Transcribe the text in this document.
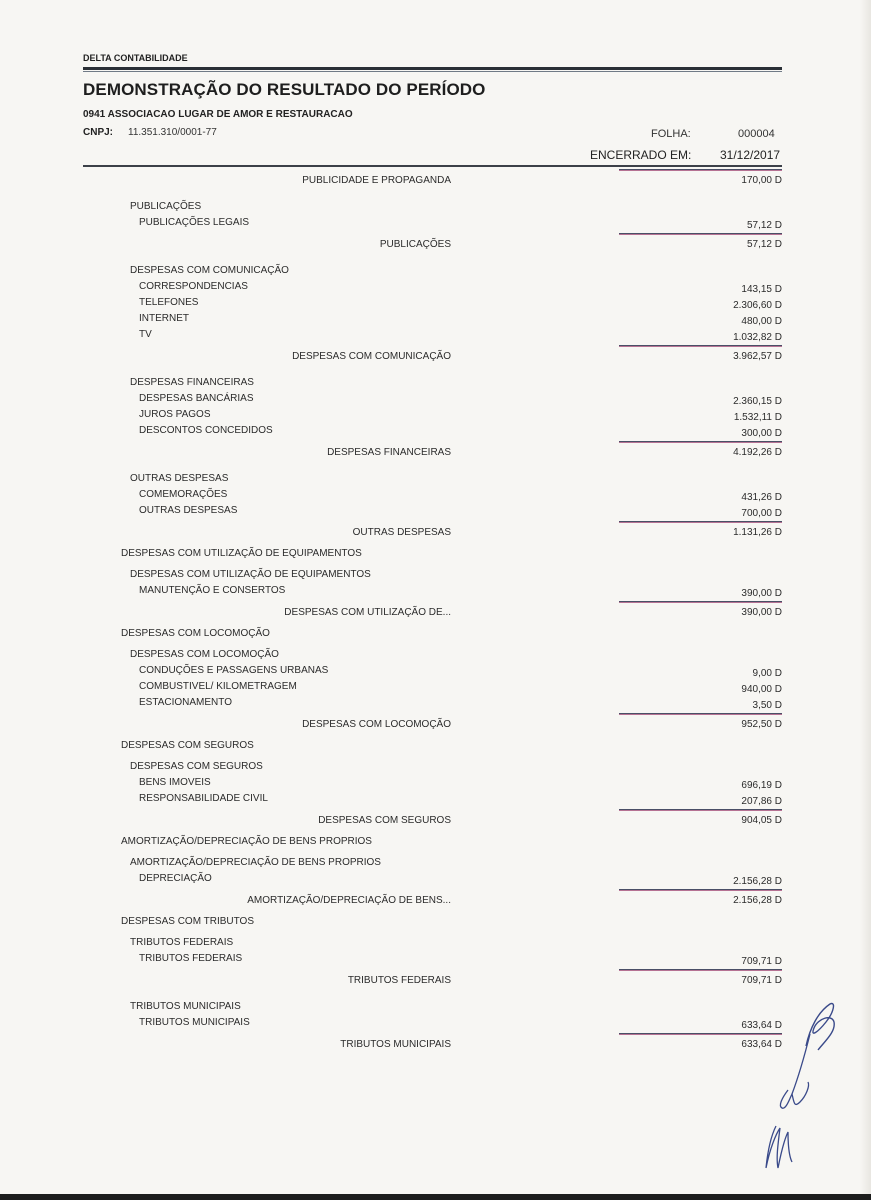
DELTA CONTABILIDADE
DEMONSTRAÇÃO DO RESULTADO DO PERÍODO
0941 ASSOCIACAO LUGAR DE AMOR E RESTAURACAO
CNPJ: 11.351.310/0001-77	FOLHA:	000004
ENCERRADO EM: 31/12/2017
PUBLICIDADE E PROPAGANDA	170,00 D
PUBLICAÇÕES
PUBLICAÇÕES LEGAIS	57,12 D
PUBLICAÇÕES	57,12 D
DESPESAS COM COMUNICAÇÃO
CORRESPONDENCIAS	143,15 D
TELEFONES	2.306,60 D
INTERNET	480,00 D
TV	1.032,82 D
DESPESAS COM COMUNICAÇÃO	3.962,57 D
DESPESAS FINANCEIRAS
DESPESAS BANCÁRIAS	2.360,15 D
JUROS PAGOS	1.532,11 D
DESCONTOS CONCEDIDOS	300,00 D
DESPESAS FINANCEIRAS	4.192,26 D
OUTRAS DESPESAS
COMEMORAÇÕES	431,26 D
OUTRAS DESPESAS	700,00 D
OUTRAS DESPESAS	1.131,26 D
DESPESAS COM UTILIZAÇÃO DE EQUIPAMENTOS
DESPESAS COM UTILIZAÇÃO DE EQUIPAMENTOS
MANUTENÇÃO E CONSERTOS	390,00 D
DESPESAS COM UTILIZAÇÃO DE...	390,00 D
DESPESAS COM LOCOMOÇÃO
DESPESAS COM LOCOMOÇÃO
CONDUÇÕES E PASSAGENS URBANAS	9,00 D
COMBUSTIVEL/ KILOMETRAGEM	940,00 D
ESTACIONAMENTO	3,50 D
DESPESAS COM LOCOMOÇÃO	952,50 D
DESPESAS COM SEGUROS
DESPESAS COM SEGUROS
BENS IMOVEIS	696,19 D
RESPONSABILIDADE CIVIL	207,86 D
DESPESAS COM SEGUROS	904,05 D
AMORTIZAÇÃO/DEPRECIAÇÃO DE BENS PROPRIOS
AMORTIZAÇÃO/DEPRECIAÇÃO DE BENS PROPRIOS
DEPRECIAÇÃO	2.156,28 D
AMORTIZAÇÃO/DEPRECIAÇÃO DE BENS...	2.156,28 D
DESPESAS COM TRIBUTOS
TRIBUTOS FEDERAIS
TRIBUTOS FEDERAIS	709,71 D
TRIBUTOS FEDERAIS	709,71 D
TRIBUTOS MUNICIPAIS
TRIBUTOS MUNICIPAIS	633,64 D
TRIBUTOS MUNICIPAIS	633,64 D
